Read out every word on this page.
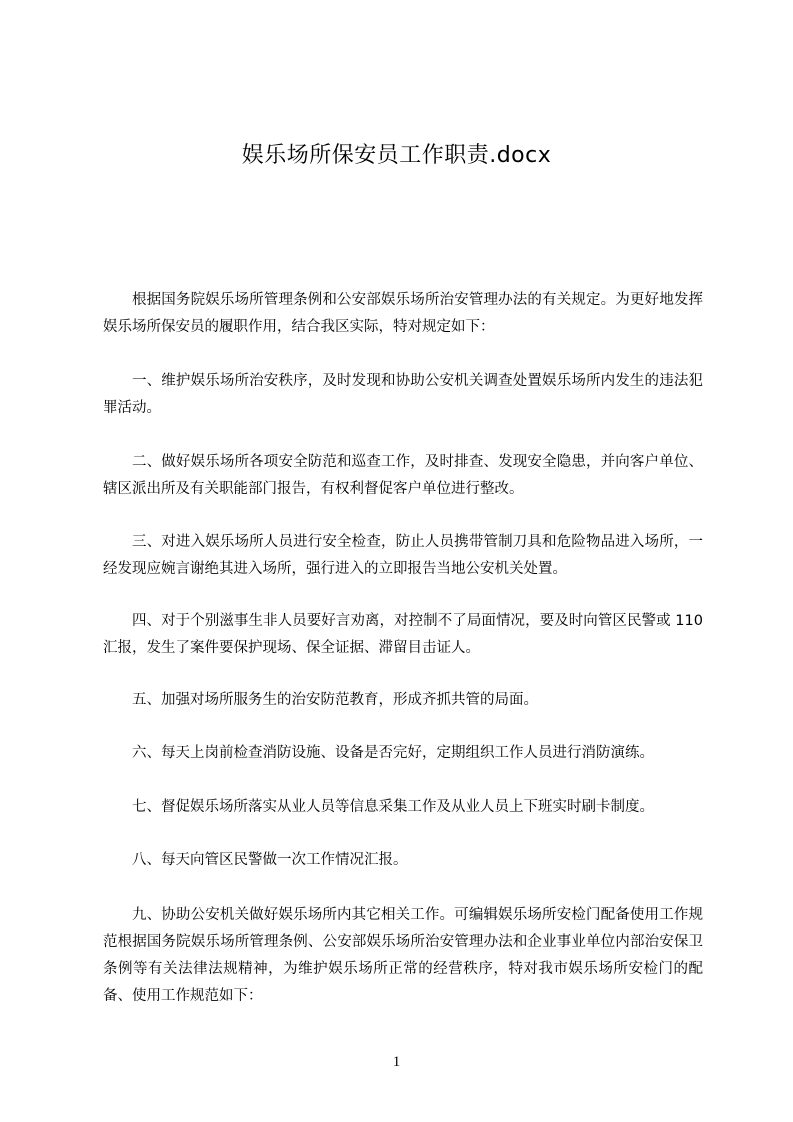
娱乐场所保安员工作职责.docx

根据国务院娱乐场所管理条例和公安部娱乐场所治安管理办法的有关规定。为更好地发挥娱乐场所保安员的履职作用，结合我区实际，特对规定如下：

一、维护娱乐场所治安秩序，及时发现和协助公安机关调查处置娱乐场所内发生的违法犯罪活动。

二、做好娱乐场所各项安全防范和巡查工作，及时排查、发现安全隐患，并向客户单位、辖区派出所及有关职能部门报告，有权利督促客户单位进行整改。

三、对进入娱乐场所人员进行安全检查，防止人员携带管制刀具和危险物品进入场所，一经发现应婉言谢绝其进入场所，强行进入的立即报告当地公安机关处置。

四、对于个别滋事生非人员要好言劝离，对控制不了局面情况，要及时向管区民警或 110 汇报，发生了案件要保护现场、保全证据、滞留目击证人。

五、加强对场所服务生的治安防范教育，形成齐抓共管的局面。

六、每天上岗前检查消防设施、设备是否完好，定期组织工作人员进行消防演练。

七、督促娱乐场所落实从业人员等信息采集工作及从业人员上下班实时刷卡制度。

八、每天向管区民警做一次工作情况汇报。

九、协助公安机关做好娱乐场所内其它相关工作。可编辑娱乐场所安检门配备使用工作规范根据国务院娱乐场所管理条例、公安部娱乐场所治安管理办法和企业事业单位内部治安保卫条例等有关法律法规精神，为维护娱乐场所正常的经营秩序，特对我市娱乐场所安检门的配备、使用工作规范如下：

1
